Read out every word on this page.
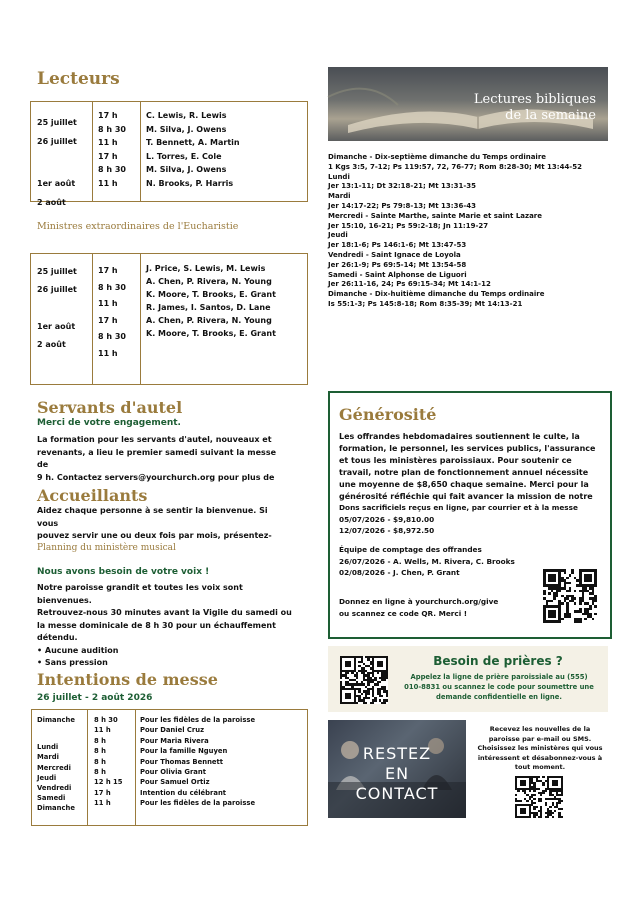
Lecteurs
25 juillet
26 juillet
1er août
2 août
17 h
8 h 30
11 h
17 h
8 h 30
11 h
C. Lewis, R. Lewis
M. Silva, J. Owens
T. Bennett, A. Martin
L. Torres, E. Cole
M. Silva, J. Owens
N. Brooks, P. Harris
Ministres extraordinaires de l'Eucharistie
25 juillet
26 juillet
1er août
2 août
17 h
8 h 30
11 h
17 h
8 h 30
11 h
J. Price, S. Lewis, M. Lewis
A. Chen, P. Rivera, N. Young
K. Moore, T. Brooks, E. Grant
R. James, I. Santos, D. Lane
A. Chen, P. Rivera, N. Young
K. Moore, T. Brooks, E. Grant
Lectures bibliques
de la semaine
Dimanche - Dix-septième dimanche du Temps ordinaire
1 Kgs 3:5, 7-12; Ps 119:57, 72, 76-77; Rom 8:28-30; Mt 13:44-52
Lundi
Jer 13:1-11; Dt 32:18-21; Mt 13:31-35
Mardi
Jer 14:17-22; Ps 79:8-13; Mt 13:36-43
Mercredi - Sainte Marthe, sainte Marie et saint Lazare
Jer 15:10, 16-21; Ps 59:2-18; Jn 11:19-27
Jeudi
Jer 18:1-6; Ps 146:1-6; Mt 13:47-53
Vendredi - Saint Ignace de Loyola
Jer 26:1-9; Ps 69:5-14; Mt 13:54-58
Samedi - Saint Alphonse de Liguori
Jer 26:11-16, 24; Ps 69:15-34; Mt 14:1-12
Dimanche - Dix-huitième dimanche du Temps ordinaire
Is 55:1-3; Ps 145:8-18; Rom 8:35-39; Mt 14:13-21
Servants d'autel
Merci de votre engagement.
La formation pour les servants d'autel, nouveaux et
revenants, a lieu le premier samedi suivant la messe
de
9 h. Contactez servers@yourchurch.org pour plus de
Accueillants
Aidez chaque personne à se sentir la bienvenue. Si
vous
pouvez servir une ou deux fois par mois, présentez-
Planning du ministère musical
Nous avons besoin de votre voix !
Notre paroisse grandit et toutes les voix sont
bienvenues.
Retrouvez-nous 30 minutes avant la Vigile du samedi ou
la messe dominicale de 8 h 30 pour un échauffement
détendu.
• Aucune audition
• Sans pression
Intentions de messe
26 juillet - 2 août 2026
Dimanche
Lundi
Mardi
Mercredi
Jeudi
Vendredi
Samedi
Dimanche
8 h 30
11 h
8 h
8 h
8 h
8 h
12 h 15
17 h
11 h
Pour les fidèles de la paroisse
Pour Daniel Cruz
Pour Maria Rivera
Pour la famille Nguyen
Pour Thomas Bennett
Pour Olivia Grant
Pour Samuel Ortiz
Intention du célébrant
Pour les fidèles de la paroisse
Générosité
Les offrandes hebdomadaires soutiennent le culte, la
formation, le personnel, les services publics, l'assurance
et tous les ministères paroissiaux. Pour soutenir ce
travail, notre plan de fonctionnement annuel nécessite
une moyenne de $8,650 chaque semaine. Merci pour la
générosité réfléchie qui fait avancer la mission de notre
Dons sacrificiels reçus en ligne, par courrier et à la messe
05/07/2026 - $9,810.00
12/07/2026 - $8,972.50
Équipe de comptage des offrandes
26/07/2026 - A. Wells, M. Rivera, C. Brooks
02/08/2026 - J. Chen, P. Grant
Donnez en ligne à yourchurch.org/give
ou scannez ce code QR. Merci !
Besoin de prières ?
Appelez la ligne de prière paroissiale au (555)
010-8831 ou scannez le code pour soumettre une
demande confidentielle en ligne.
RESTEZ
EN
CONTACT
Recevez les nouvelles de la
paroisse par e-mail ou SMS.
Choisissez les ministères qui vous
intéressent et désabonnez-vous à
tout moment.
